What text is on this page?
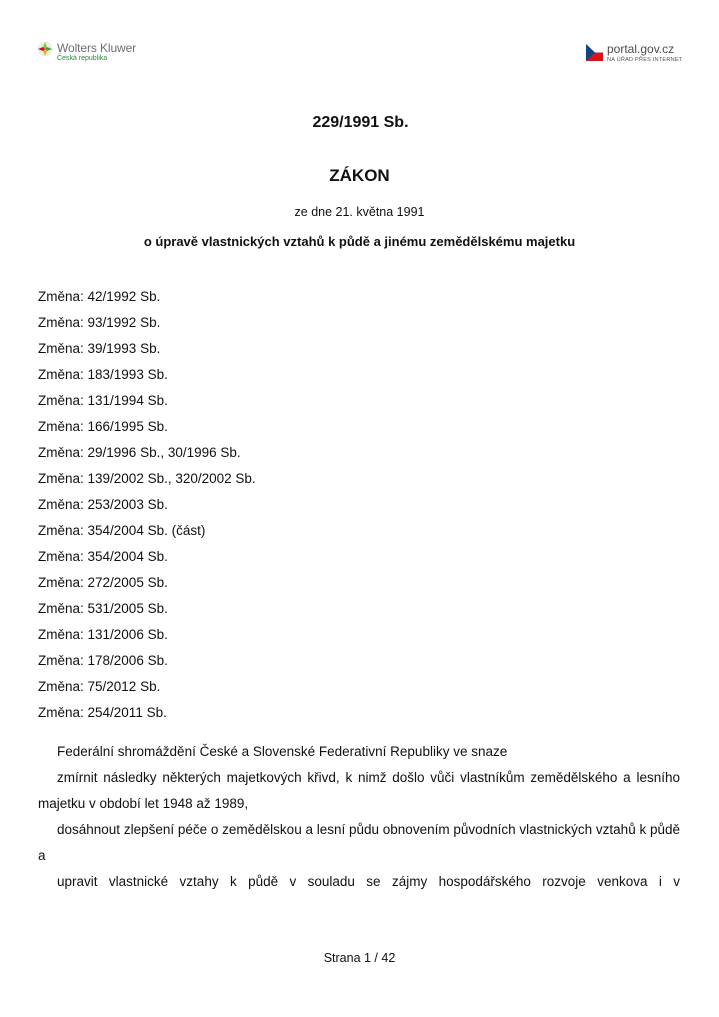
Wolters Kluwer
Česká republika
portal.gov.cz
NA ÚŘAD PŘES INTERNET
229/1991 Sb.
ZÁKON
ze dne 21. května 1991
o úpravě vlastnických vztahů k půdě a jinému zemědělskému majetku
Změna: 42/1992 Sb.
Změna: 93/1992 Sb.
Změna: 39/1993 Sb.
Změna: 183/1993 Sb.
Změna: 131/1994 Sb.
Změna: 166/1995 Sb.
Změna: 29/1996 Sb., 30/1996 Sb.
Změna: 139/2002 Sb., 320/2002 Sb.
Změna: 253/2003 Sb.
Změna: 354/2004 Sb. (část)
Změna: 354/2004 Sb.
Změna: 272/2005 Sb.
Změna: 531/2005 Sb.
Změna: 131/2006 Sb.
Změna: 178/2006 Sb.
Změna: 75/2012 Sb.
Změna: 254/2011 Sb.

Federální shromáždění České a Slovenské Federativní Republiky ve snaze

zmírnit následky některých majetkových křivd, k nimž došlo vůči vlastníkům zemědělského a lesního majetku v období let 1948 až 1989,

dosáhnout zlepšení péče o zemědělskou a lesní půdu obnovením původních vlastnických vztahů k půdě a

upravit vlastnické vztahy k půdě v souladu se zájmy hospodářského rozvoje venkova i v

Strana 1 / 42
